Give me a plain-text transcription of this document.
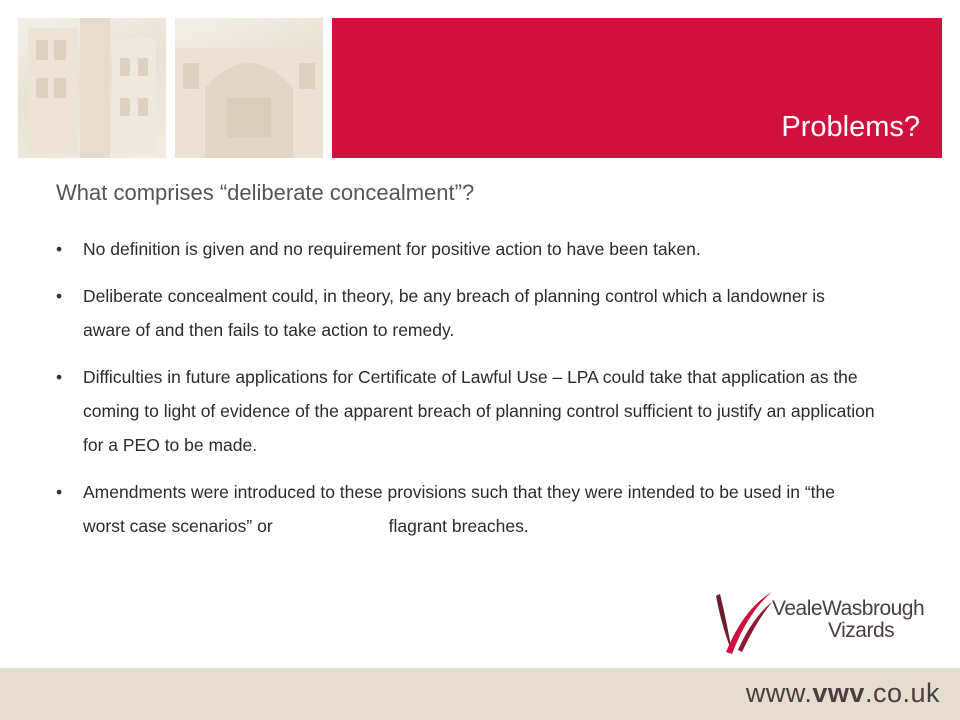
Problems?
What comprises “deliberate concealment”?
• No definition is given and no requirement for positive action to have been taken.
• Deliberate concealment could, in theory, be any breach of planning control which a landowner is aware of and then fails to take action to remedy.
• Difficulties in future applications for Certificate of Lawful Use – LPA could take that application as the coming to light of evidence of the apparent breach of planning control sufficient to justify an application for a PEO to be made.
• Amendments were introduced to these provisions such that they were intended to be used in “the worst case scenarios” or	flagrant breaches.
VealeWasbrough
Vizards
www.vwv.co.uk
